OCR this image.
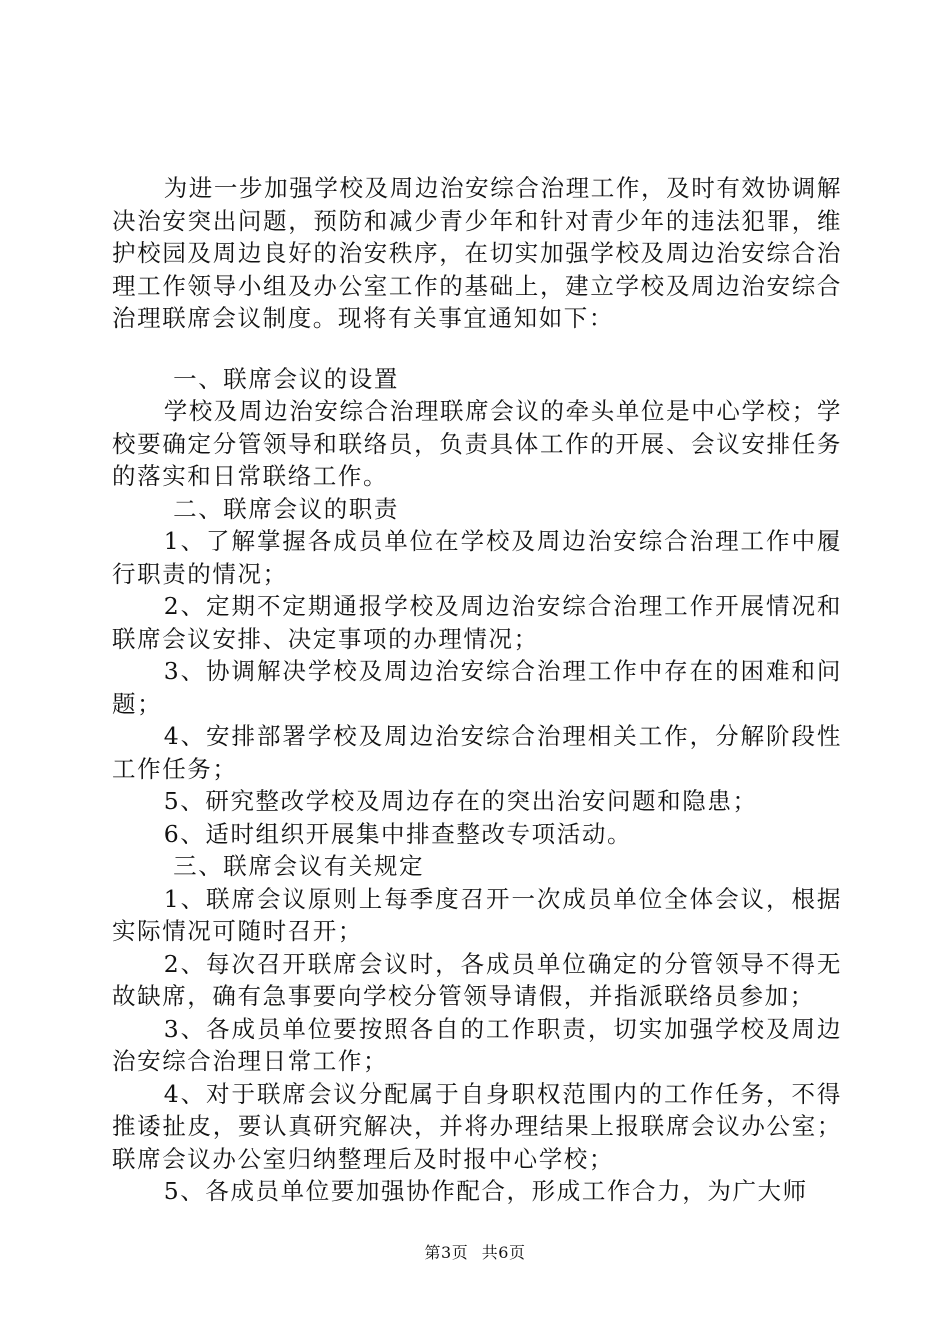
为进一步加强学校及周边治安综合治理工作，及时有效协调解决治安突出问题，预防和减少青少年和针对青少年的违法犯罪，维护校园及周边良好的治安秩序，在切实加强学校及周边治安综合治理工作领导小组及办公室工作的基础上，建立学校及周边治安综合治理联席会议制度。现将有关事宜通知如下：

一、联席会议的设置

学校及周边治安综合治理联席会议的牵头单位是中心学校；学校要确定分管领导和联络员，负责具体工作的开展、会议安排任务的落实和日常联络工作。

二、联席会议的职责

1、了解掌握各成员单位在学校及周边治安综合治理工作中履行职责的情况；

2、定期不定期通报学校及周边治安综合治理工作开展情况和联席会议安排、决定事项的办理情况；

3、协调解决学校及周边治安综合治理工作中存在的困难和问题；

4、安排部署学校及周边治安综合治理相关工作，分解阶段性工作任务；

5、研究整改学校及周边存在的突出治安问题和隐患；

6、适时组织开展集中排查整改专项活动。

三、联席会议有关规定

1、联席会议原则上每季度召开一次成员单位全体会议，根据实际情况可随时召开；

2、每次召开联席会议时，各成员单位确定的分管领导不得无故缺席，确有急事要向学校分管领导请假，并指派联络员参加；

3、各成员单位要按照各自的工作职责，切实加强学校及周边治安综合治理日常工作；

4、对于联席会议分配属于自身职权范围内的工作任务，不得推诿扯皮，要认真研究解决，并将办理结果上报联席会议办公室；联席会议办公室归纳整理后及时报中心学校；

5、各成员单位要加强协作配合，形成工作合力，为广大师

第3页 共6页
